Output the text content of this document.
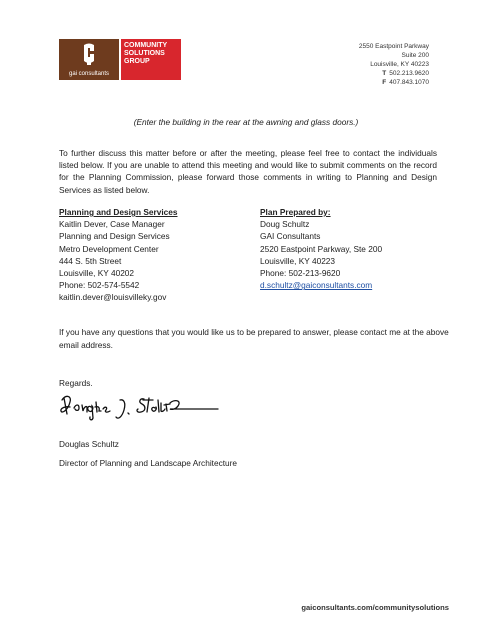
gai consultants
COMMUNITY
SOLUTIONS
GROUP
2550 Eastpoint Parkway
Suite 200
Louisville, KY 40223
T 502.213.9620
F 407.843.1070
(Enter the building in the rear at the awning and glass doors.)
To further discuss this matter before or after the meeting, please feel free to contact the individuals listed below. If you are unable to attend this meeting and would like to submit comments on the record for the Planning Commission, please forward those comments in writing to Planning and Design Services as listed below.
Planning and Design Services
Kaitlin Dever, Case Manager
Planning and Design Services
Metro Development Center
444 S. 5th Street
Louisville, KY 40202
Phone: 502-574-5542
kaitlin.dever@louisvilleky.gov
Plan Prepared by:
Doug Schultz
GAI Consultants
2520 Eastpoint Parkway, Ste 200
Louisville, KY 40223
Phone: 502-213-9620
d.schultz@gaiconsultants.com
If you have any questions that you would like us to be prepared to answer, please contact me at the above email address.
Regards.
Douglas Schultz
Director of Planning and Landscape Architecture
gaiconsultants.com/communitysolutions
